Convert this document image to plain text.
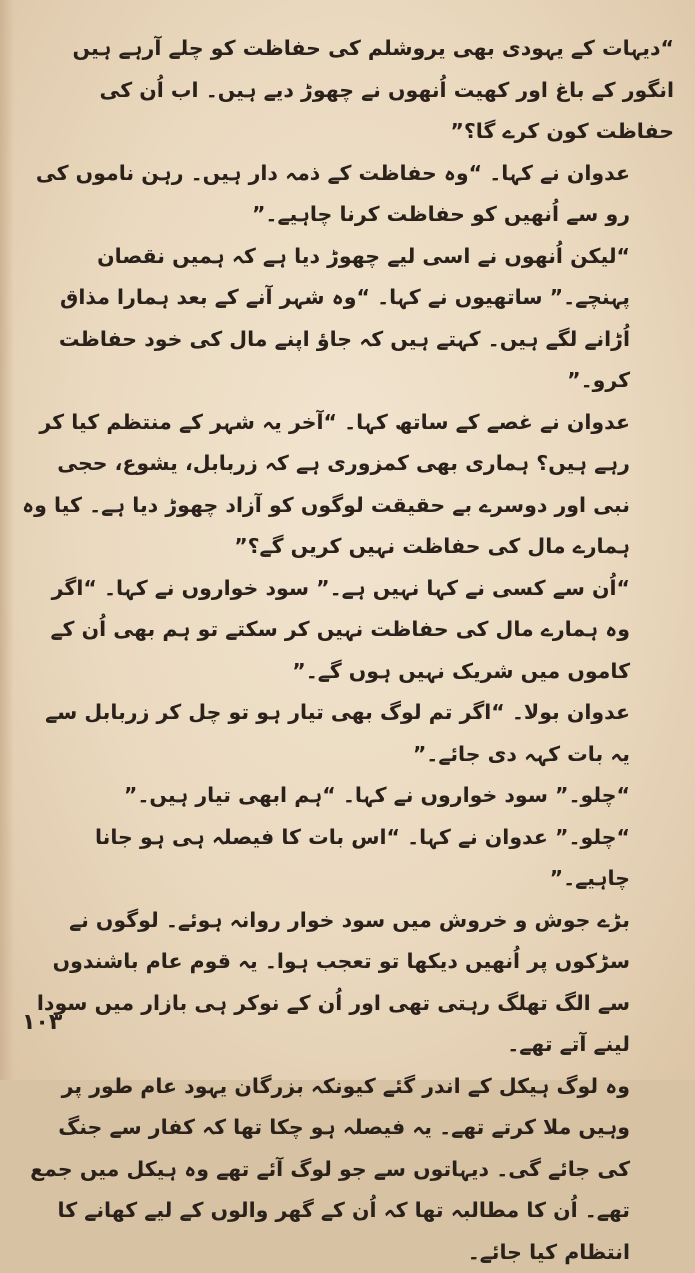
“دیہات کے یہودی بھی یروشلم کی حفاظت کو چلے آرہے ہیں انگور کے باغ اور کھیت اُنھوں نے چھوڑ دیے ہیں۔ اب اُن کی حفاظت کون کرے گا؟”

عدوان نے کہا۔ “وہ حفاظت کے ذمہ دار ہیں۔ رہن ناموں کی رو سے اُنھیں کو حفاظت کرنا چاہیے۔”

“لیکن اُنھوں نے اسی لیے چھوڑ دیا ہے کہ ہمیں نقصان پہنچے۔” ساتھیوں نے کہا۔ “وہ شہر آنے کے بعد ہمارا مذاق اُڑانے لگے ہیں۔ کہتے ہیں کہ جاؤ اپنے مال کی خود حفاظت کرو۔”

عدوان نے غصے کے ساتھ کہا۔ “آخر یہ شہر کے منتظم کیا کر رہے ہیں؟ ہماری بھی کمزوری ہے کہ زربابل، یشوع، حجی نبی اور دوسرے بے حقیقت لوگوں کو آزاد چھوڑ دیا ہے۔ کیا وہ ہمارے مال کی حفاظت نہیں کریں گے؟”

“اُن سے کسی نے کہا نہیں ہے۔” سود خواروں نے کہا۔ “اگر وہ ہمارے مال کی حفاظت نہیں کر سکتے تو ہم بھی اُن کے کاموں میں شریک نہیں ہوں گے۔”

عدوان بولا۔ “اگر تم لوگ بھی تیار ہو تو چل کر زربابل سے یہ بات کہہ دی جائے۔”

“چلو۔” سود خواروں نے کہا۔ “ہم ابھی تیار ہیں۔”

“چلو۔” عدوان نے کہا۔ “اس بات کا فیصلہ ہی ہو جانا چاہیے۔”

بڑے جوش و خروش میں سود خوار روانہ ہوئے۔ لوگوں نے سڑکوں پر اُنھیں دیکھا تو تعجب ہوا۔ یہ قوم عام باشندوں سے الگ تھلگ رہتی تھی اور اُن کے نوکر ہی بازار میں سودا لینے آتے تھے۔

وہ لوگ ہیکل کے اندر گئے کیونکہ بزرگان یہود عام طور پر وہیں ملا کرتے تھے۔ یہ فیصلہ ہو چکا تھا کہ کفار سے جنگ کی جائے گی۔ دیہاتوں سے جو لوگ آئے تھے وہ ہیکل میں جمع تھے۔ اُن کا مطالبہ تھا کہ اُن کے گھر والوں کے لیے کھانے کا انتظام کیا جائے۔

۱۰۳
